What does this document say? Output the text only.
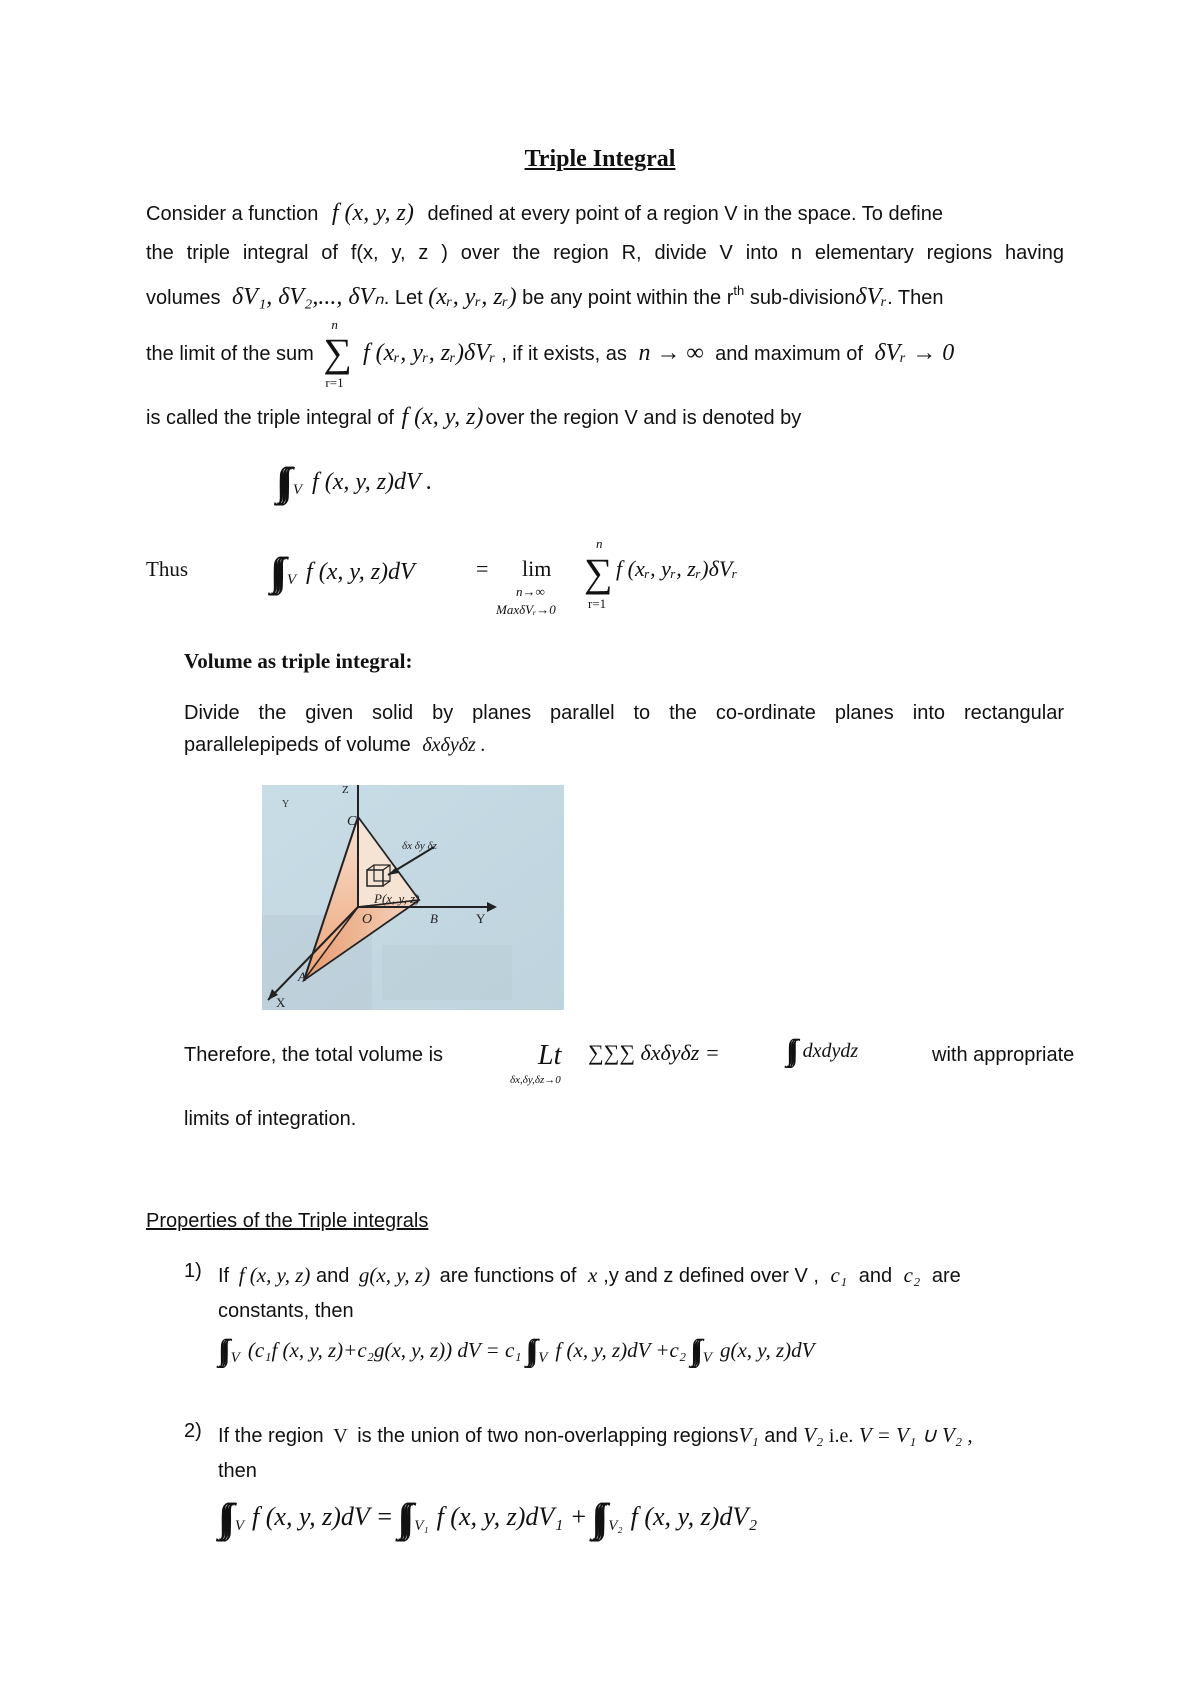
Triple Integral
Consider a function f (x, y, z) defined at every point of a region V in the space. To define
the triple integral of f(x, y, z ) over the region R, divide V into n elementary regions having
volumes δV₁, δV₂,..., δVₙ. Let (xᵣ, yᵣ, zᵣ) be any point within the $r^{th}$ sub-divisionδVᵣ. Then
the limit of the sum
n
∑
r=1
f (xᵣ, yᵣ, zᵣ)δVᵣ , if it exists, as n → ∞ and maximum of δVᵣ → 0
is called the triple integral of f (x, y, z) over the region V and is denoted by
∫∫∫ V f (x, y, z)dV .
Thus ∫∫∫ V f (x, y, z)dV	= lim
n→∞
MaxδVᵣ→0
n
∑
r=1
f (xᵣ, yᵣ, zᵣ)δVᵣ
Volume as triple integral:
Divide the given solid by planes parallel to the co-ordinate planes into rectangular
parallelepipeds of volume δxδyδz .
Z
Y
C
δx δy δz
P(x, y, z)
O	B	Y
A
X
Therefore, the total volume is	Lt
δx,δy,δz→0
∑∑∑ δxδyδz = ∫∫∫ dxdydz	with appropriate
limits of integration.
Properties of the Triple integrals
1) If f (x, y, z) and g(x, y, z) are functions of x ,y and z defined over V , c₁ and c₂ are
constants, then
∫∫∫ V (c₁f (x, y, z)+c₂g(x, y, z)) dV = c₁ ∫∫∫ V f (x, y, z)dV +c₂ ∫∫∫ V g(x, y, z)dV
2) If the region V is the union of two non-overlapping regionsV₁ and V₂ i.e. V = V₁ ∪ V₂ ,
then
∫∫∫ V f (x, y, z)dV = ∫∫∫ V₁ f (x, y, z)dV₁ + ∫∫∫ V₂ f (x, y, z)dV₂
